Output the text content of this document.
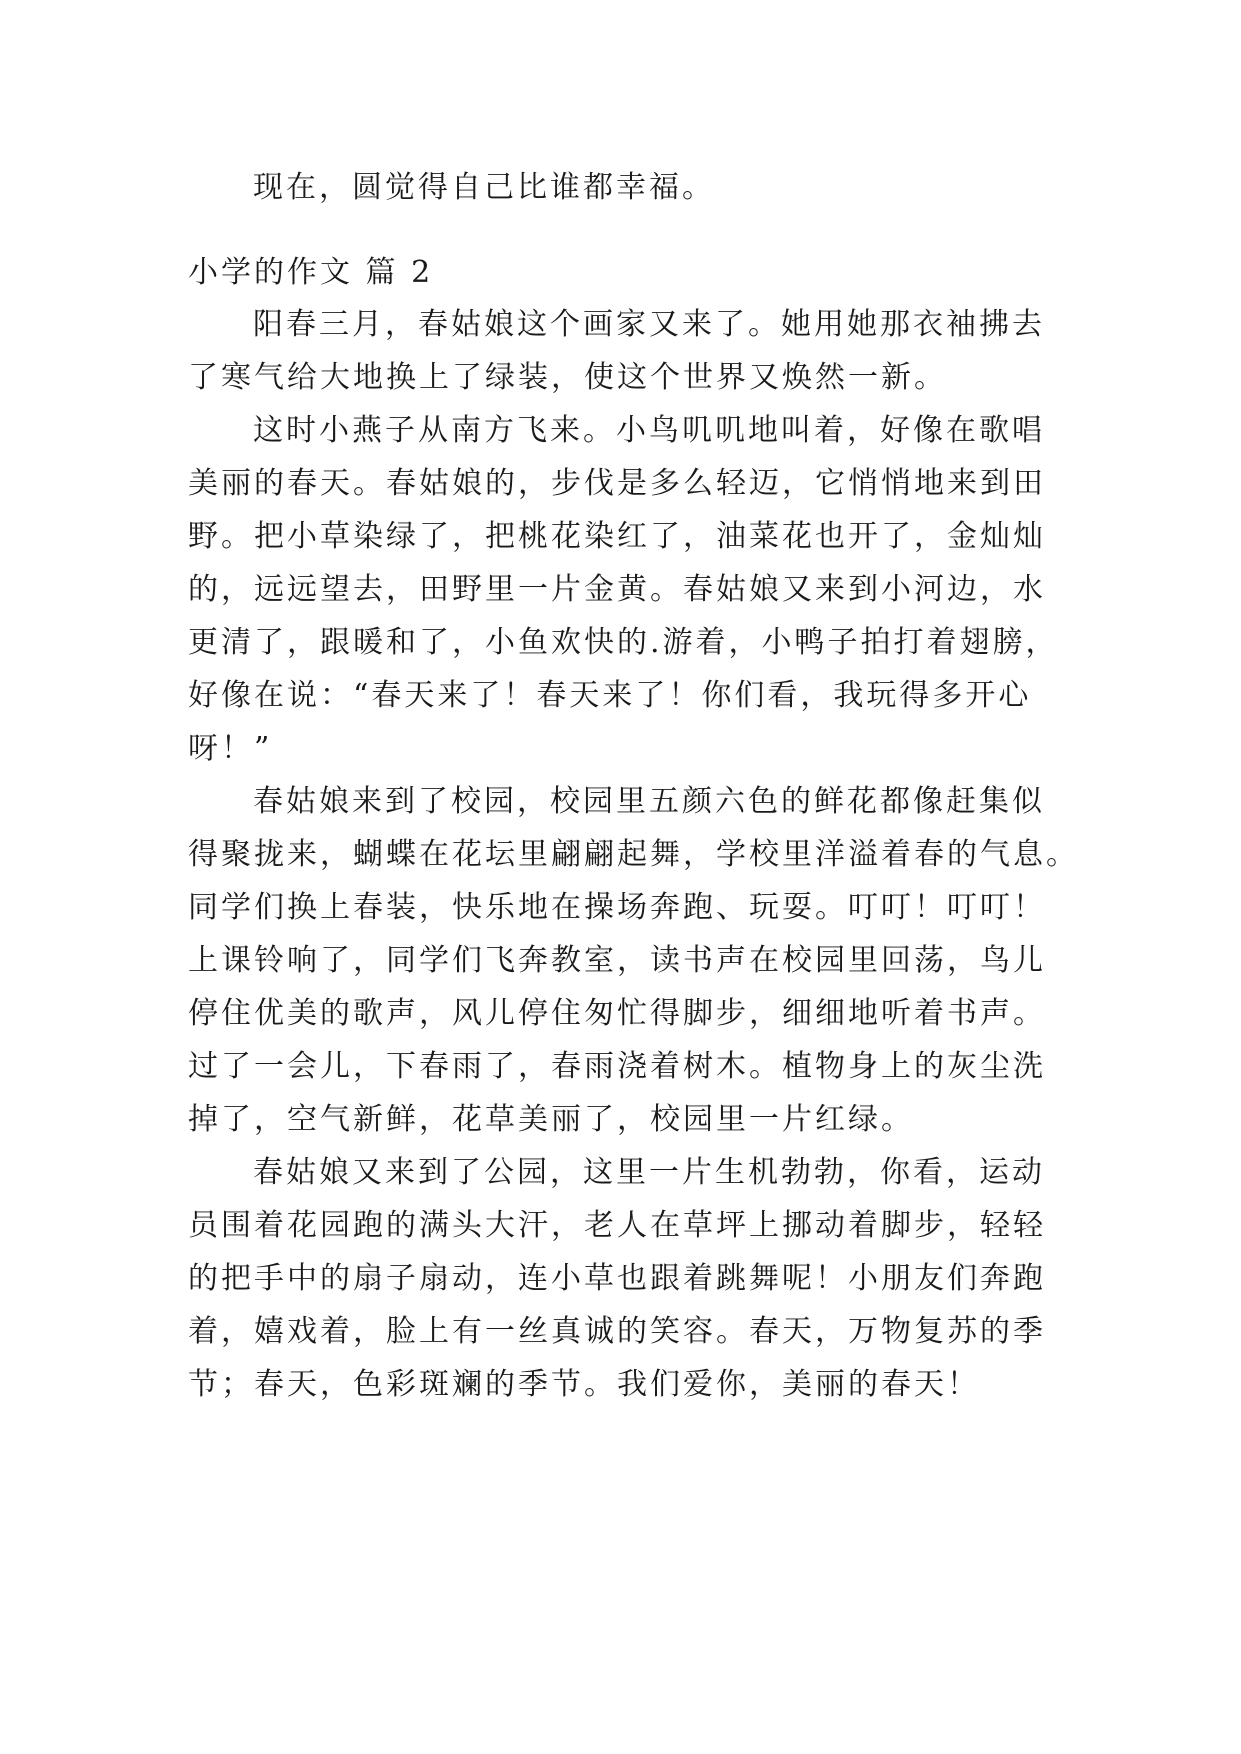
现在，圆觉得自己比谁都幸福。
小学的作文 篇 2
阳春三月，春姑娘这个画家又来了。她用她那衣袖拂去
了寒气给大地换上了绿装，使这个世界又焕然一新。
这时小燕子从南方飞来。小鸟叽叽地叫着，好像在歌唱
美丽的春天。春姑娘的，步伐是多么轻迈，它悄悄地来到田
野。把小草染绿了，把桃花染红了，油菜花也开了，金灿灿
的，远远望去，田野里一片金黄。春姑娘又来到小河边，水
更清了，跟暖和了，小鱼欢快的.游着，小鸭子拍打着翅膀，
好像在说：“春天来了！春天来了！你们看，我玩得多开心
呀！”
春姑娘来到了校园，校园里五颜六色的鲜花都像赶集似
得聚拢来，蝴蝶在花坛里翩翩起舞，学校里洋溢着春的气息。
同学们换上春装，快乐地在操场奔跑、玩耍。叮叮！叮叮！
上课铃响了，同学们飞奔教室，读书声在校园里回荡，鸟儿
停住优美的歌声，风儿停住匆忙得脚步，细细地听着书声。
过了一会儿，下春雨了，春雨浇着树木。植物身上的灰尘洗
掉了，空气新鲜，花草美丽了，校园里一片红绿。
春姑娘又来到了公园，这里一片生机勃勃，你看，运动
员围着花园跑的满头大汗，老人在草坪上挪动着脚步，轻轻
的把手中的扇子扇动，连小草也跟着跳舞呢！小朋友们奔跑
着，嬉戏着，脸上有一丝真诚的笑容。春天，万物复苏的季
节；春天，色彩斑斓的季节。我们爱你，美丽的春天！
